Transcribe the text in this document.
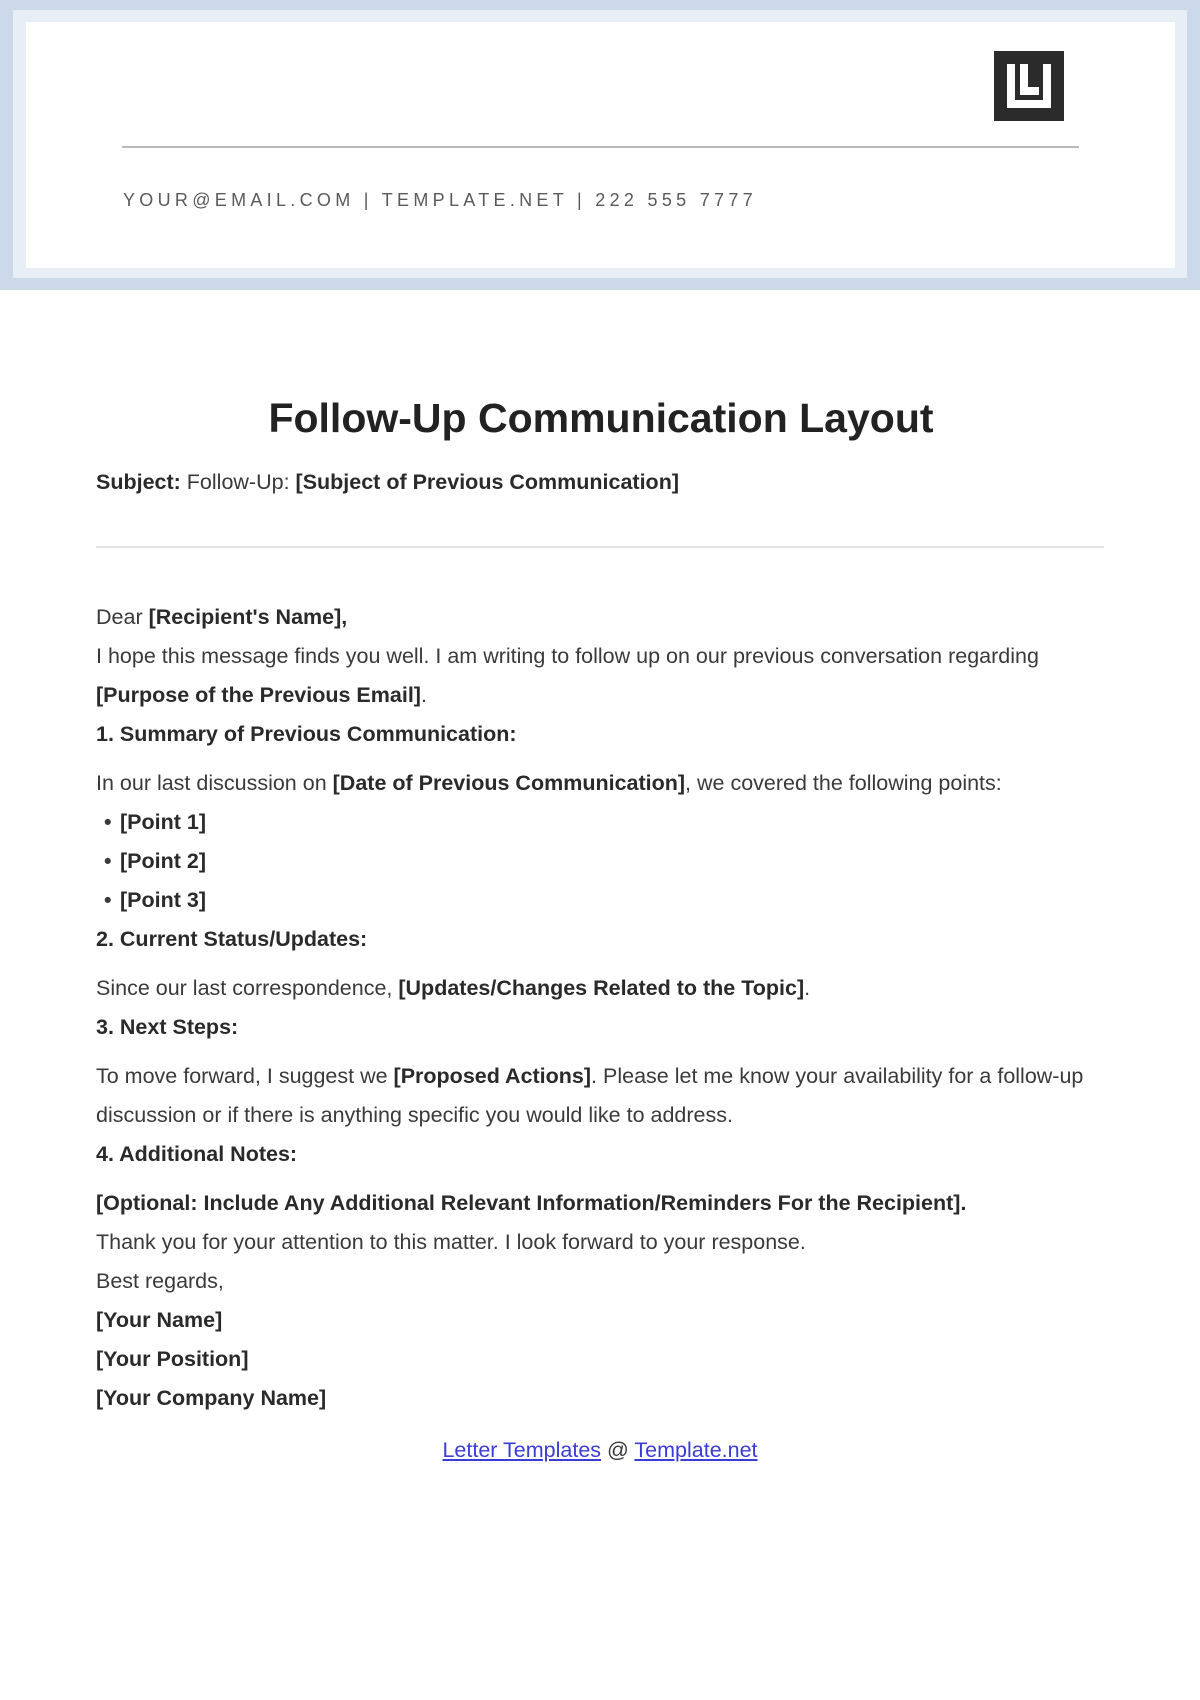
YOUR@EMAIL.COM | TEMPLATE.NET | 222 555 7777
Follow-Up Communication Layout

Subject: Follow-Up: [Subject of Previous Communication]

Dear [Recipient's Name],

I hope this message finds you well. I am writing to follow up on our previous conversation regarding [Purpose of the Previous Email].

1. Summary of Previous Communication:

In our last discussion on [Date of Previous Communication], we covered the following points:

• [Point 1]
• [Point 2]
• [Point 3]

2. Current Status/Updates:

Since our last correspondence, [Updates/Changes Related to the Topic].

3. Next Steps:

To move forward, I suggest we [Proposed Actions]. Please let me know your availability for a follow-up discussion or if there is anything specific you would like to address.

4. Additional Notes:

[Optional: Include Any Additional Relevant Information/Reminders For the Recipient].

Thank you for your attention to this matter. I look forward to your response.

Best regards,

[Your Name]

[Your Position]

[Your Company Name]

Letter Templates @ Template.net
